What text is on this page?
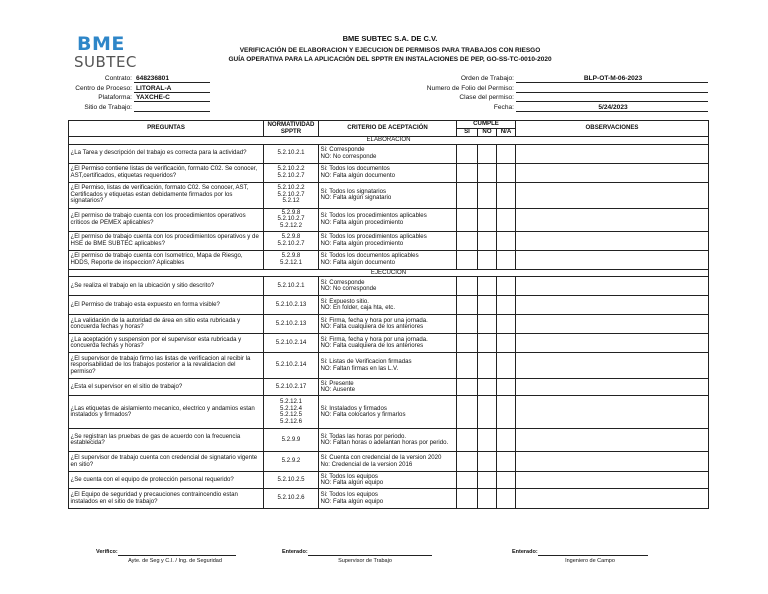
BME
SUBTEC
BME SUBTEC S.A. DE C.V.
VERIFICACIÓN DE ELABORACION Y EJECUCION DE PERMISOS PARA TRABAJOS CON RIESGO
GUÍA OPERATIVA PARA LA APLICACIÓN DEL SPPTR EN INSTALACIONES DE PEP, GO-SS-TC-0010-2020
Contrato: 648236801
Centro de Proceso: LITORAL-A
Plataforma: YAXCHE-C
Sitio de Trabajo:
Orden de Trabajo:	BLP-OT-M-06-2023
Numero de Folio del Permiso:
Clase del permiso:
Fecha:	5/24/2023
PREGUNTAS	NORMATIVIDAD SPPTR	CRITERIO DE ACEPTACIÓN	CUMPLE			OBSERVACIONES
			SI	NO	N/A	
ELABORACION						
¿La Tarea y descripción del trabajo es correcta para la actividad?	5.2.10.2.1	Si: Corresponde
NO: No corresponde				
¿El Permiso contiene listas de verificación, formato C02. Se conocer, AST,certificados, etiquetas requeridos?	5.2.10.2.2
5.2.10.2.7	Si: Todos los documentos
NO: Falta algún documento				
¿El Permiso, listas de verificación, formato C02. Se conocer, AST, Certificados y etiquetas estan debidamente firmados por los signatarios?	5.2.10.2.2
5.2.10.2.7
5.2.12	Si: Todos los signatarios
NO: Falta algún signatario				
¿El permiso de trabajo cuenta con los procedimientos operativos críticos de PEMEX aplicables?	5.2.9.8
5.2.10.2.7
5.2.12.2	Si: Todos los procedimientos aplicables
NO: Falta algún procedimiento				
¿El permiso de trabajo cuenta con los procedimientos operativos y de HSE de BME SUBTEC aplicables?	5.2.9.8
5.2.10.2.7	Si: Todos los procedimientos aplicables
NO: Falta algún procedimiento				
¿El permiso de trabajo cuenta con Isometrico, Mapa de Riesgo, HDDS, Reporte de inspeccion? Aplicables	5.2.9.8
5.2.12.1	Si: Todos los documentos aplicables
NO: Falta algún documento				
EJECUCION						
¿Se realiza el trabajo en la ubicación y sitio descrito?	5.2.10.2.1	Si: Corresponde
NO: No corresponde				
¿El Permiso de trabajo esta expuesto en forma visible?	5.2.10.2.13	Si: Expuesto sitio.
NO: En folder, caja hta, etc.				
¿La validación de la autoridad de área en sitio esta rubricada y concuerda fechas y horas?	5.2.10.2.13	Si: Firma, fecha y hora por una jornada.
NO: Falta cualquiera de los anteriores				
¿La aceptación y suspension por el supervisor esta rubricada y concuerda fechas y horas?	5.2.10.2.14	Si: Firma, fecha y hora por una jornada.
NO: Falta cualquiera de los anteriores				
¿El supervisor de trabajo firmo las listas de verificacion al recibir la responsabilidad de los trabajos posterior a la revalidacion del permiso?	5.2.10.2.14	Si: Listas de Verificacion firmadas
NO: Faltan firmas en las L.V.				
¿Esta el supervisor en el sitio de trabajo?	5.2.10.2.17	Si: Presente
NO: Ausente				
¿Las etiquetas de aislamiento mecanico, electrico y andamios estan instalados y firmados?	5.2.12.1
5.2.12.4
5.2.12.5
5.2.12.6	Si: Instalados y firmados
NO: Falta colocarlos y firmarlos				
¿Se registran las pruebas de gas de acuerdo con la frecuencia establecida?	5.2.9.9	Si: Todas las horas por periodo.
NO: Faltan horas o adelantan horas por perido.				
¿El supervisor de trabajo cuenta con credencial de signatario vigente en sitio?	5.2.9.2	Si: Cuenta con credencial de la version 2020
No: Credencial de la version 2016				
¿Se cuenta con el equipo de protección personal requerido?	5.2.10.2.5	Si: Todos los equipos
NO: Falta algún equipo				
¿El Equipo de seguridad y precauciones contraincendio estan instalados en el sitio de trabajo?	5.2.10.2.6	Si: Todos los equipos
NO: Falta algún equipo				
Verifico:	Enterado:	Enterado:
Ayte. de Seg y C.I. / Ing. de Seguridad	Supervisor de Trabajo	Ingeniero de Campo
